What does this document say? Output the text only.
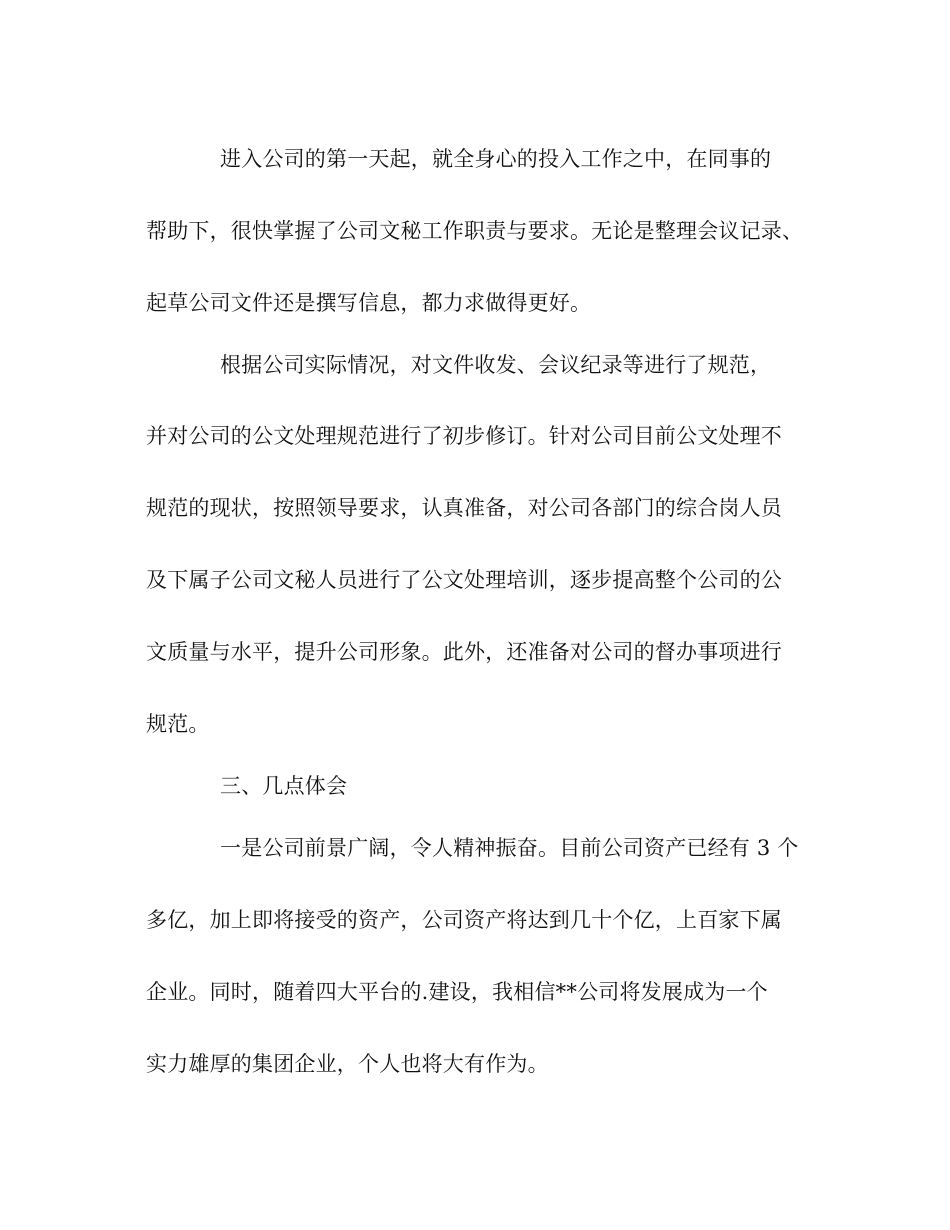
进入公司的第一天起，就全身心的投入工作之中，在同事的
帮助下，很快掌握了公司文秘工作职责与要求。无论是整理会议记录、
起草公司文件还是撰写信息，都力求做得更好。
根据公司实际情况，对文件收发、会议纪录等进行了规范，
并对公司的公文处理规范进行了初步修订。针对公司目前公文处理不
规范的现状，按照领导要求，认真准备，对公司各部门的综合岗人员
及下属子公司文秘人员进行了公文处理培训，逐步提高整个公司的公
文质量与水平，提升公司形象。此外，还准备对公司的督办事项进行
规范。
三、几点体会
一是公司前景广阔，令人精神振奋。目前公司资产已经有 3 个
多亿，加上即将接受的资产，公司资产将达到几十个亿，上百家下属
企业。同时，随着四大平台的.建设，我相信**公司将发展成为一个
实力雄厚的集团企业，个人也将大有作为。
